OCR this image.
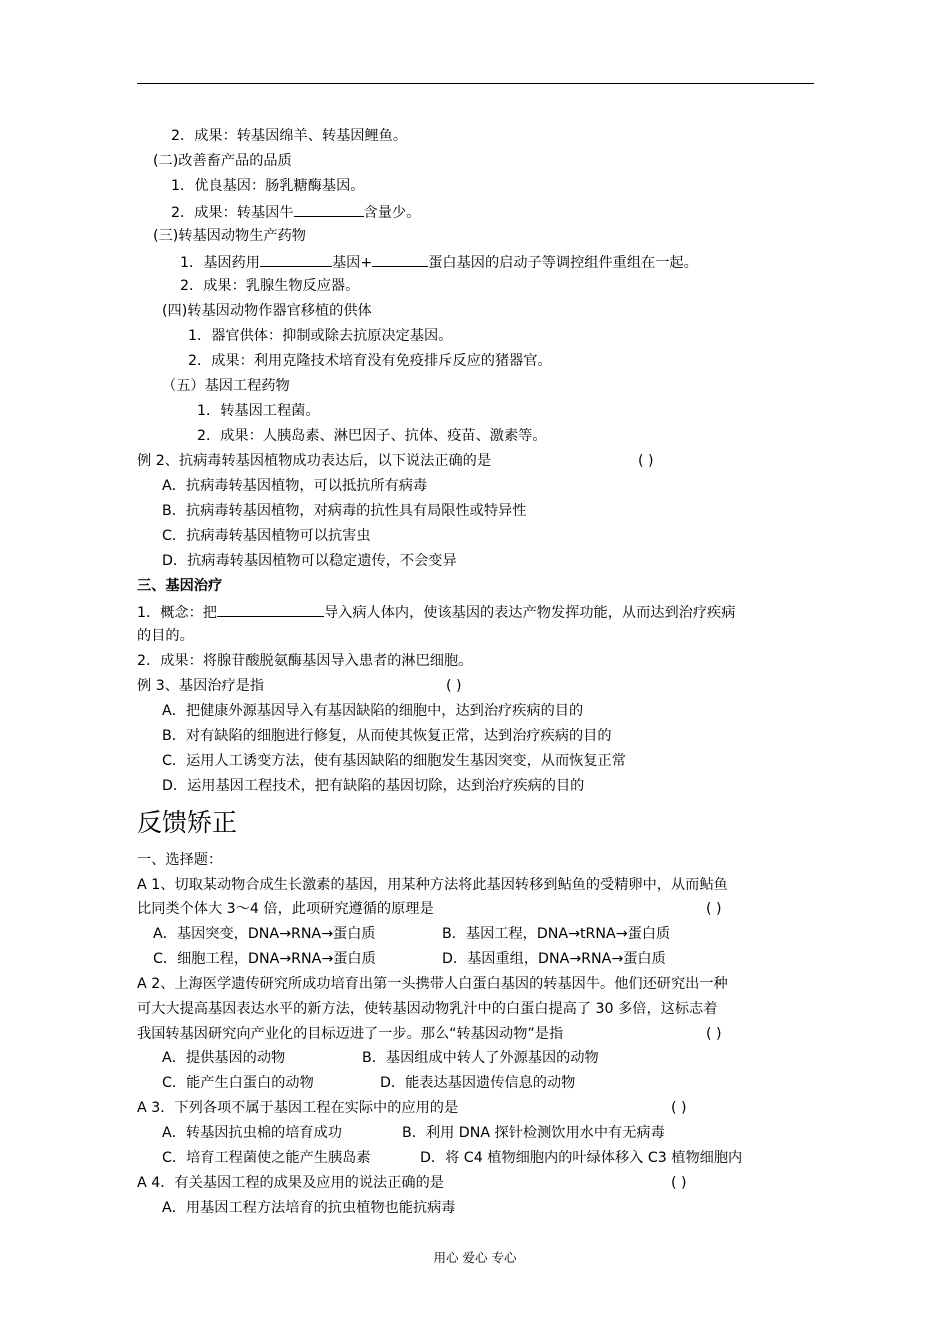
2．成果：转基因绵羊、转基因鲤鱼。
(二)改善畜产品的品质
1．优良基因：肠乳糖酶基因。
2．成果：转基因牛	含量少。
(三)转基因动物生产药物
1．基因药用	基因+	蛋白基因的启动子等调控组件重组在一起。
2．成果：乳腺生物反应器。
(四)转基因动物作器官移植的供体
1．器官供体：抑制或除去抗原决定基因。
2．成果：利用克隆技术培育没有免疫排斥反应的猪器官。
（五）基因工程药物
1．转基因工程菌。
2．成果：人胰岛素、淋巴因子、抗体、疫苗、激素等。
例 2、抗病毒转基因植物成功表达后，以下说法正确的是	( )
A．抗病毒转基因植物，可以抵抗所有病毒
B．抗病毒转基因植物，对病毒的抗性具有局限性或特异性
C．抗病毒转基因植物可以抗害虫
D．抗病毒转基因植物可以稳定遗传，不会变异
三、基因治疗
1．概念：把	导入病人体内，使该基因的表达产物发挥功能，从而达到治疗疾病
的目的。
2．成果：将腺苷酸脱氨酶基因导入患者的淋巴细胞。
例 3、基因治疗是指	( )
A．把健康外源基因导入有基因缺陷的细胞中，达到治疗疾病的目的
B．对有缺陷的细胞进行修复，从而使其恢复正常，达到治疗疾病的目的
C．运用人工诱变方法，使有基因缺陷的细胞发生基因突变，从而恢复正常
D．运用基因工程技术，把有缺陷的基因切除，达到治疗疾病的目的
反馈矫正
一、选择题：
A 1、切取某动物合成生长激素的基因，用某种方法将此基因转移到鲇鱼的受精卵中，从而鲇鱼
比同类个体大 3～4 倍，此项研究遵循的原理是	( )
A．基因突变，DNA→RNA→蛋白质	B．基因工程，DNA→tRNA→蛋白质
C．细胞工程，DNA→RNA→蛋白质	D．基因重组，DNA→RNA→蛋白质
A 2、上海医学遗传研究所成功培育出第一头携带人白蛋白基因的转基因牛。他们还研究出一种
可大大提高基因表达水平的新方法，使转基因动物乳汁中的白蛋白提高了 30 多倍，这标志着
我国转基因研究向产业化的目标迈进了一步。那么“转基因动物”是指	( )
A．提供基因的动物	B．基因组成中转人了外源基因的动物
C．能产生白蛋白的动物	D．能表达基因遗传信息的动物
A 3．下列各项不属于基因工程在实际中的应用的是	( )
A．转基因抗虫棉的培育成功	B．利用 DNA 探针检测饮用水中有无病毒
C．培育工程菌使之能产生胰岛素	D．将 C4 植物细胞内的叶绿体移入 C3 植物细胞内
A 4．有关基因工程的成果及应用的说法正确的是	( )
A．用基因工程方法培育的抗虫植物也能抗病毒
用心 爱心 专心
